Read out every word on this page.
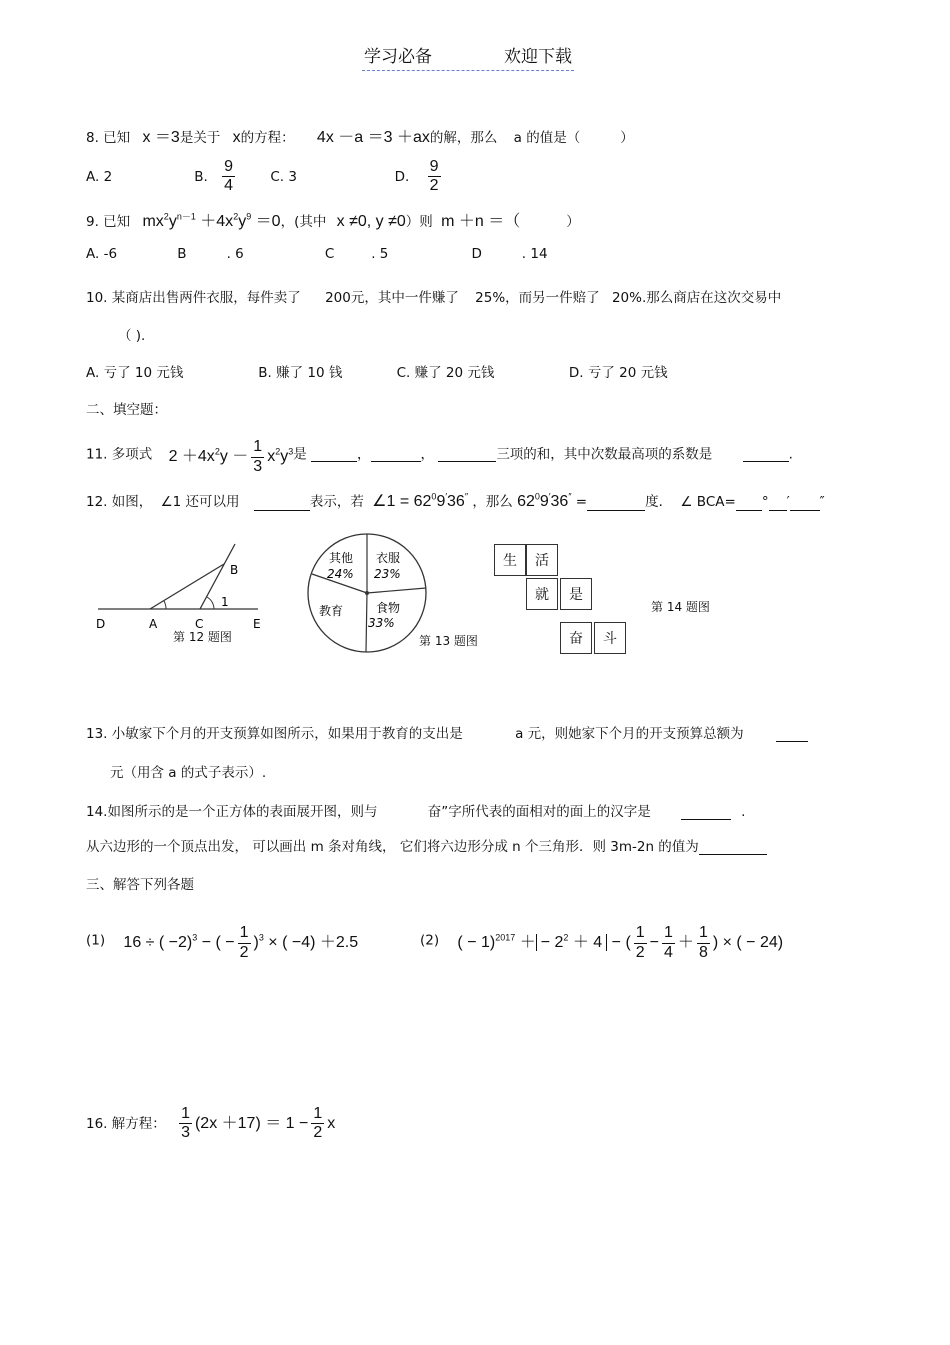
学习必备	欢迎下载
8. 已知 x ＝3是关于 x的方程： 4x －a ＝3 ＋ax的解，那么 a 的值是（	）
A. 2	B. $\frac{9}{4}$	C. 3	D. $\frac{9}{2}$
9. 已知 $mx^2y^{n-1} +4x^2y^9 =0$，(其中 x ≠0, y ≠0）则 m ＋n ＝（	）
A. -6	B	. 6	C	. 5	D	. 14
10. 某商店出售两件衣服，每件卖了 200元，其中一件赚了 25%，而另一件赔了 20%.那么商店在这次交易中
（ ).
A. 亏了 10 元钱	B. 赚了 10 钱	C. 赚了 20 元钱	D. 亏了 20 元钱
二、填空题：
11. 多项式 $2 +4x^2y - \frac{1}{3} x^2y^3$是	，	，	三项的和，其中次数最高项的系数是	.
12. 如图， ∠1 还可以用	表示，若 ∠1 = $62^09'36''$ ，那么 $62^09'36''$ =	度． ∠ BCA= ° ′ ″
D	A	C	E
B
1
第 12 题图
其他
24%
衣服
23%
食物
33%
教育
第 13 题图
生	活
就	是
奋	斗
第 14 题图
13. 小敏家下个月的开支预算如图所示，如果用于教育的支出是	a 元，则她家下个月的开支预算总额为
元（用含 a 的式子表示）.
14.如图所示的是一个正方体的表面展开图，则与	奋”字所代表的面相对的面上的汉字是	.
从六边形的一个顶点出发， 可以画出 m 条对角线， 它们将六边形分成 n 个三角形．则 3m-2n 的值为
三、解答下列各题
(1) 16 ÷ ( −2)$^3$ − ( − $\frac{1}{2} )^3$ × ( −4) ＋2.5	(2) ( − 1)$^{2017}$ ＋ − $2^2 + 4$ − ( $\frac{1}{2} - \frac{1}{4} + \frac{1}{8}$ ) × ( − 24)
16. 解方程： $\frac{1}{3} (2x +17) = 1 - \frac{1}{2}$ x
